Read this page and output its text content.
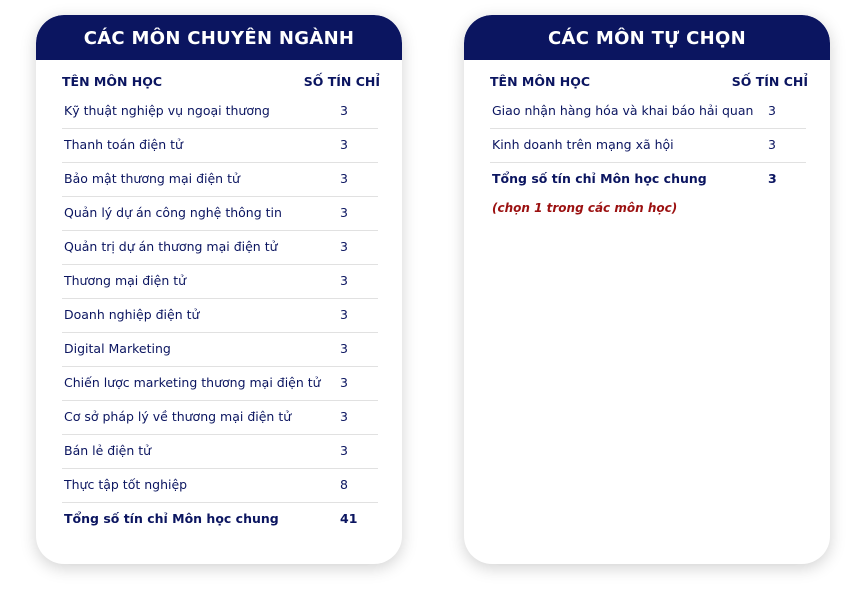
CÁC MÔN CHUYÊN NGÀNH
TÊN MÔN HỌC	SỐ TÍN CHỈ
Kỹ thuật nghiệp vụ ngoại thương	3
Thanh toán điện tử	3
Bảo mật thương mại điện tử	3
Quản lý dự án công nghệ thông tin	3
Quản trị dự án thương mại điện tử	3
Thương mại điện tử	3
Doanh nghiệp điện tử	3
Digital Marketing	3
Chiến lược marketing thương mại điện tử 3
Cơ sở pháp lý về thương mại điện tử	3
Bán lẻ điện tử	3
Thực tập tốt nghiệp	8
Tổng số tín chỉ Môn học chung	41
CÁC MÔN TỰ CHỌN
TÊN MÔN HỌC	SỐ TÍN CHỈ
Giao nhận hàng hóa và khai báo hải quan 3
Kinh doanh trên mạng xã hội	3
Tổng số tín chỉ Môn học chung	3
(chọn 1 trong các môn học)
